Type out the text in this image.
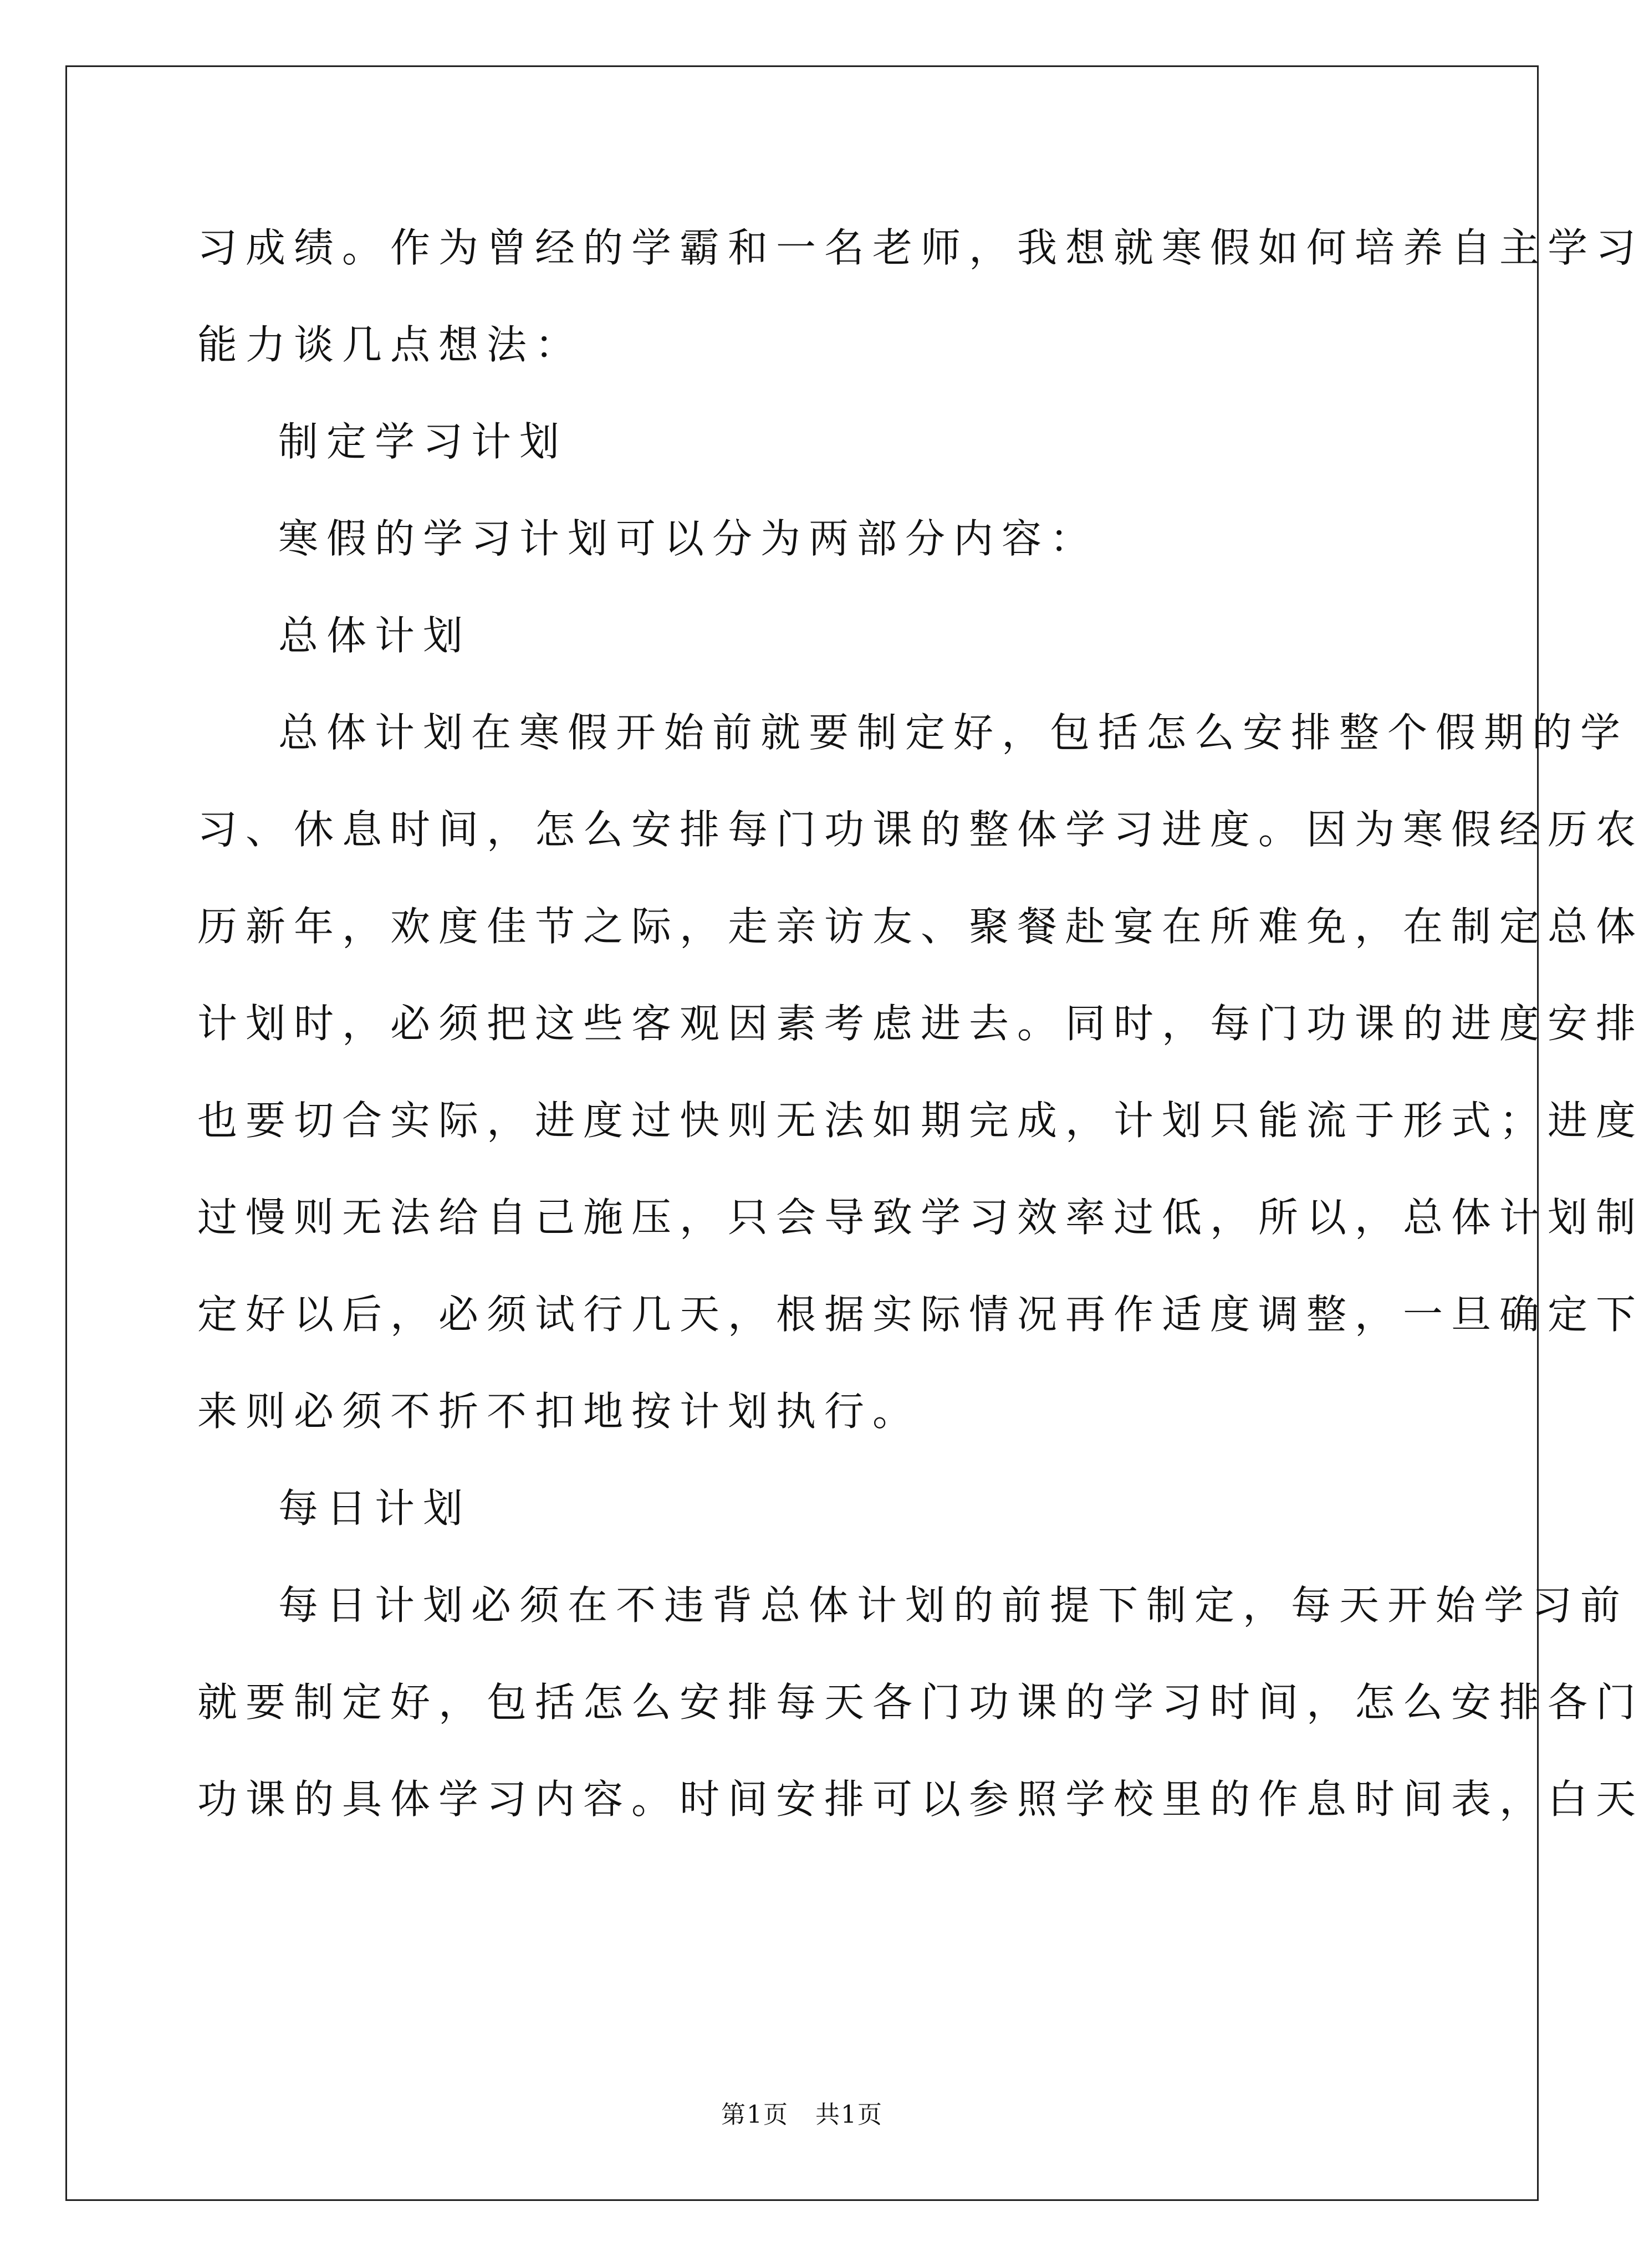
习成绩。作为曾经的学霸和一名老师，我想就寒假如何培养自主学习
能力谈几点想法：
制定学习计划
寒假的学习计划可以分为两部分内容：
总体计划
总体计划在寒假开始前就要制定好，包括怎么安排整个假期的学
习、休息时间，怎么安排每门功课的整体学习进度。因为寒假经历农
历新年，欢度佳节之际，走亲访友、聚餐赴宴在所难免，在制定总体
计划时，必须把这些客观因素考虑进去。同时，每门功课的进度安排
也要切合实际，进度过快则无法如期完成，计划只能流于形式；进度
过慢则无法给自己施压，只会导致学习效率过低，所以，总体计划制
定好以后，必须试行几天，根据实际情况再作适度调整，一旦确定下
来则必须不折不扣地按计划执行。
每日计划
每日计划必须在不违背总体计划的前提下制定，每天开始学习前
就要制定好，包括怎么安排每天各门功课的学习时间，怎么安排各门
功课的具体学习内容。时间安排可以参照学校里的作息时间表，白天
第1页 共1页
